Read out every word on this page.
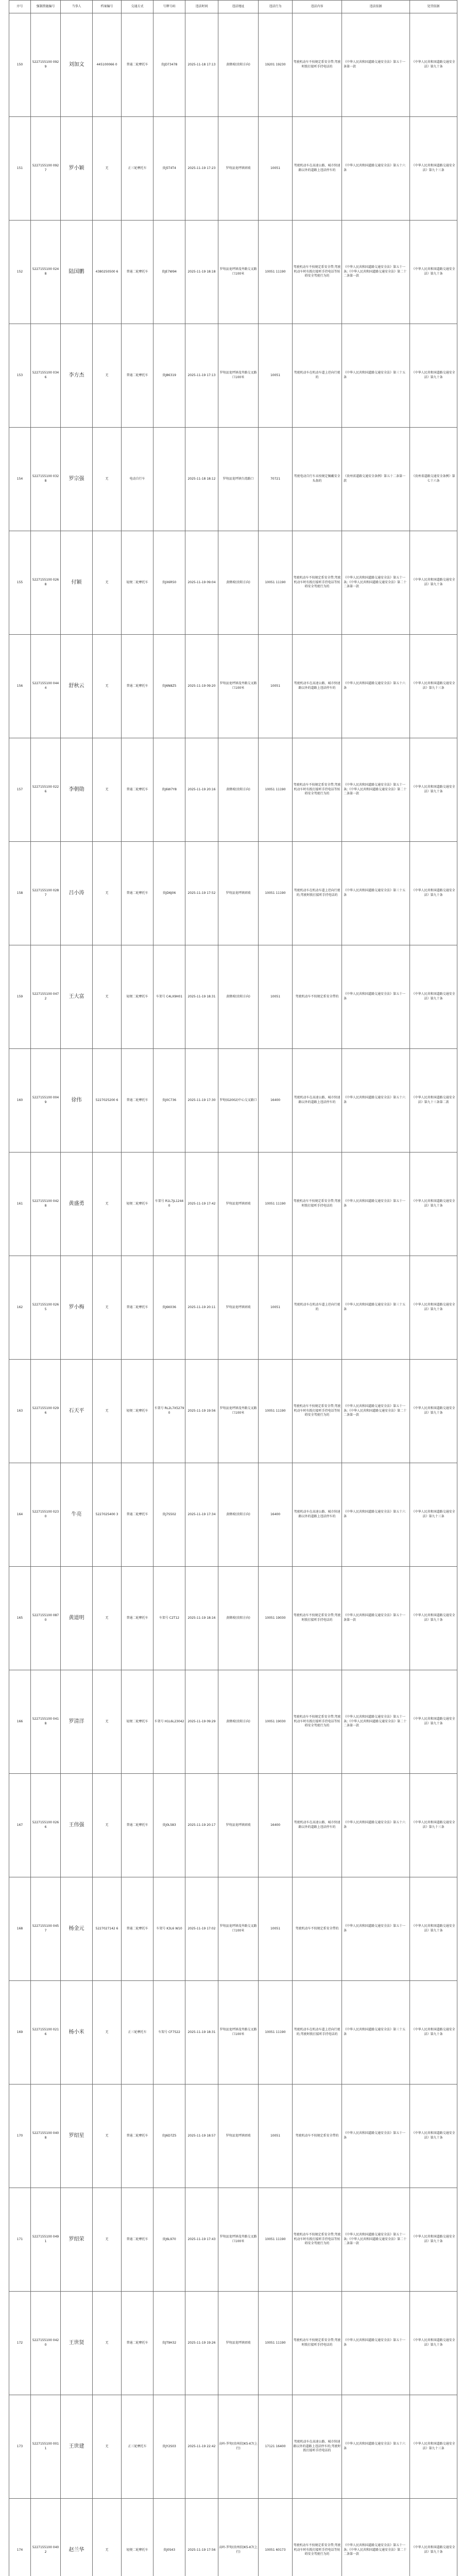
序号	强制措施编号	当事人	档案编号	交通方式	号牌号码	违法时间	违法地址	违法行为	违法内容	违法依据	处罚依据
150	5227155100 0929	刘加文	445100066 0	普通二轮摩托车	贵JD73478	2025-11-18 17:13	黄蜂坡(贵阳方向)	19201 19230	驾驶机动车不按规定系安全带;驾驶时拨打接听手持电话的	《中华人民共和国道路交通安全法》第五十一条第一款	《中华人民共和国道路交通安全法》第九十条
151	5227155100 0927	罗小颖	无	正三轮摩托车	贵J5T4T4	2025-11-19 17:23	罗甸县龙坪镇团坡	10051	驾驶机动车在高速公路、城市快速路以外的道路上违法停车的	《中华人民共和国道路交通安全法》第五十六条	《中华人民共和国道路交通安全法》第九十三条
152	5227155100 0248	陆国鹏	4380250500 6	普通二轮摩托车	贵JE7W94	2025-11-19 18:18	罗甸县龙坪镇茂井路交叉路口100米	10051 11190	驾驶机动车不按规定系安全带;驾驶机动车时有拨打接听手持电话等妨碍安全驾驶行为的	《中华人民共和国道路交通安全法》第五十一条;《中华人民共和国道路交通安全法》第二十二条第一款	《中华人民共和国道路交通安全法》第九十条
153	5227155100 0346	李方杰	无	普通二轮摩托车	贵J86319	2025-11-19 17:13	罗甸县龙坪镇茂井路交叉路口100米	10051	驾驶机动车在机动车道上逆向行驶的	《中华人民共和国道路交通安全法》第三十五条	《中华人民共和国道路交通安全法》第九十条
154	5227155100 0328	罗宗强	无	电动自行车		2025-11-18 18:12	罗甸县龙坪镇台湾路口	70721	驾驶电动自行车未按规定佩戴安全头盔的	《贵州省道路交通安全条例》第五十二条第一款	《贵州省道路交通安全条例》第七十六条
155	5227155100 0268	付颖	无	轻便二轮摩托车	贵JX6R50	2025-11-19 09:04	黄蜂坡(贵阳方向)	10051 11190	驾驶机动车不按规定系安全带;驾驶机动车时有拨打接听手持电话等妨碍安全驾驶行为的	《中华人民共和国道路交通安全法》第五十一条;《中华人民共和国道路交通安全法》第二十二条第一款	《中华人民共和国道路交通安全法》第九十条
156	5227155100 0444	舒秋云	无	普通二轮摩托车	贵J6N8Z5	2025-11-19 09:20	罗甸县龙坪镇茂井路交叉路口100米	10051	驾驶机动车在高速公路、城市快速路以外的道路上违法停车的	《中华人民共和国道路交通安全法》第五十六条	《中华人民共和国道路交通安全法》第九十三条
157	5227155100 0226	李朝勋	无	普通二轮摩托车	贵J6W7Y8	2025-11-19 20:16	黄蜂坡(贵阳方向)	10051 11190	驾驶机动车不按规定系安全带;驾驶机动车时有拨打接听手持电话等妨碍安全驾驶行为的	《中华人民共和国道路交通安全法》第五十一条;《中华人民共和国道路交通安全法》第二十二条第一款	《中华人民共和国道路交通安全法》第九十条
158	5227155100 0287	吕小涛	无	普通二轮摩托车	贵JD6J06	2025-11-19 17:52	罗甸县龙坪镇团坡	10051 11190	驾驶机动车在机动车道上逆向行驶的;驾驶时拨打接听手持电话的	《中华人民共和国道路交通安全法》第三十五条	《中华人民共和国道路交通安全法》第九十条
159	5227155100 0472	王大富	无	轻便二轮摩托车	车架号 C4LX9H01	2025-11-19 18:31	黄蜂坡(贵阳方向)	10051	驾驶机动车不按规定系安全带的	《中华人民共和国道路交通安全法》第五十一条	《中华人民共和国道路交通安全法》第九十条
160	5227155100 0049	徐伟	5227025200 6	普通二轮摩托车	贵J0C736	2025-11-19 17:30	罗甸(G2002)中心交叉路口	16400	驾驶机动车在高速公路、城市快速路以外的道路上违法停车的	《中华人民共和国道路交通安全法》第五十六条	《中华人民共和国道路交通安全法》第九十三条第二款
161	5227155100 0428	黄盛勇	无	轻便二轮摩托车	车架号 R1L7JL12440	2025-11-19 17:42	罗甸县龙坪镇团坡	10051 11190	驾驶机动车不按规定系安全带;驾驶时拨打接听手持电话的	《中华人民共和国道路交通安全法》第五十一条	《中华人民共和国道路交通安全法》第九十条
162	5227155100 0265	罗小梅	无	普通二轮摩托车	贵J6K036	2025-11-19 20:11	罗甸县龙坪镇团坡	10051	驾驶机动车在机动车道上逆向行驶的	《中华人民共和国道路交通安全法》第三十五条	《中华人民共和国道路交通安全法》第九十条
163	5227155100 0296	石天平	无	轻便二轮摩托车	车架号 RL2L7X52790	2025-11-19 19:56	罗甸县龙坪镇茂井路交叉路口100米	10051 11190	驾驶机动车不按规定系安全带;驾驶机动车时有拨打接听手持电话等妨碍安全驾驶行为的	《中华人民共和国道路交通安全法》第五十一条;《中华人民共和国道路交通安全法》第二十二条第一款	《中华人民共和国道路交通安全法》第九十条
164	5227155100 0230	牛亮	5227025400 3	普通二轮摩托车	贵J7S502	2025-11-19 17:34	黄蜂坡(贵阳方向)	16400	驾驶机动车在高速公路、城市快速路以外的道路上违法停车的	《中华人民共和国道路交通安全法》第五十六条	《中华人民共和国道路交通安全法》第九十三条
165	5227155100 0870	黄道明	无	普通二轮摩托车	车架号 C2T12	2025-11-19 18:16	黄蜂坡(贵阳方向)	10051 19030	驾驶机动车不按规定系安全带;驾驶时拨打接听手持电话的	《中华人民共和国道路交通安全法》第五十一条第一款	《中华人民共和国道路交通安全法》第九十条
166	5227155100 0418	罗清洋	无	轻便二轮摩托车	车架号 H1L6L23042	2025-11-19 09:29	黄蜂坡(贵阳方向)	10051 19030	驾驶机动车不按规定系安全带;驾驶机动车时有拨打接听手持电话等妨碍安全驾驶行为的	《中华人民共和国道路交通安全法》第五十一条;《中华人民共和国道路交通安全法》第二十二条第一款	《中华人民共和国道路交通安全法》第九十条
167	5227155100 0266	王伟强	无	普通二轮摩托车	贵J0L583	2025-11-19 20:17	罗甸县龙坪镇团坡	16400	驾驶机动车在高速公路、城市快速路以外的道路上违法停车的	《中华人民共和国道路交通安全法》第五十六条	《中华人民共和国道路交通安全法》第九十三条
168	5227155100 0457	杨金元	5227027142 6	普通二轮摩托车	车架号 K3L6 W10	2025-11-19 17:02	罗甸县龙坪镇茂井路交叉路口100米	10051	驾驶机动车不按规定系安全带的	《中华人民共和国道路交通安全法》第五十一条	《中华人民共和国道路交通安全法》第九十条
169	5227155100 0216	杨小米	无	正三轮摩托车	车架号 CF7522	2025-11-19 18:31	罗甸县龙坪镇茂井路交叉路口100米	10051 11190	驾驶机动车在机动车道上逆向行驶的;驾驶时拨打接听手持电话的	《中华人民共和国道路交通安全法》第三十五条	《中华人民共和国道路交通安全法》第九十条
170	5227155100 0408	罗绍星	无	普通二轮摩托车	贵J6D7Z5	2025-11-19 18:57	罗甸县龙坪镇团坡	10051	驾驶机动车不按规定系安全带的	《中华人民共和国道路交通安全法》第五十一条	《中华人民共和国道路交通安全法》第九十条
171	5227155100 0491	罗绍荣	无	普通二轮摩托车	贵J6L970	2025-11-19 17:43	罗甸县龙坪镇茂井路交叉路口100米	10051 11190	驾驶机动车不按规定系安全带;驾驶机动车时有拨打接听手持电话等妨碍安全驾驶行为的	《中华人民共和国道路交通安全法》第五十一条;《中华人民共和国道路交通安全法》第二十二条第一款	《中华人民共和国道路交通安全法》第九十条
172	5227155100 0420	王世贤	无	普通二轮摩托车	贵JT9H32	2025-11-19 19:26	罗甸县龙坪镇团坡	10051 11190	驾驶机动车不按规定系安全带;驾驶时拨打接听手持电话的	《中华人民共和国道路交通安全法》第五十一条	《中华人民共和国道路交通安全法》第九十条
173	5227155100 0011	王世建	无	正三轮摩托车	贵JY2S03	2025-11-19 22:42	高岭-罗甸(贵州段)K5-K7(上行)	17121 16400	驾驶机动车在高速公路、城市快速路以外的道路上违法停车的;驾驶时拨打接听手持电话的	《中华人民共和国道路交通安全法》第五十六条	《中华人民共和国道路交通安全法》第九十三条
174	5227155100 0402	赵兰华	无	轻便二轮摩托车	贵J0S43	2025-11-19 17:56	高岭-罗甸(贵州段)K5-K7(上行)	10051 60173	驾驶机动车不按规定系安全带;驾驶机动车时有拨打接听手持电话等妨碍安全驾驶行为的	《中华人民共和国道路交通安全法》第五十一条;《中华人民共和国道路交通安全法》第二十二条第一款	《中华人民共和国道路交通安全法》第九十条
